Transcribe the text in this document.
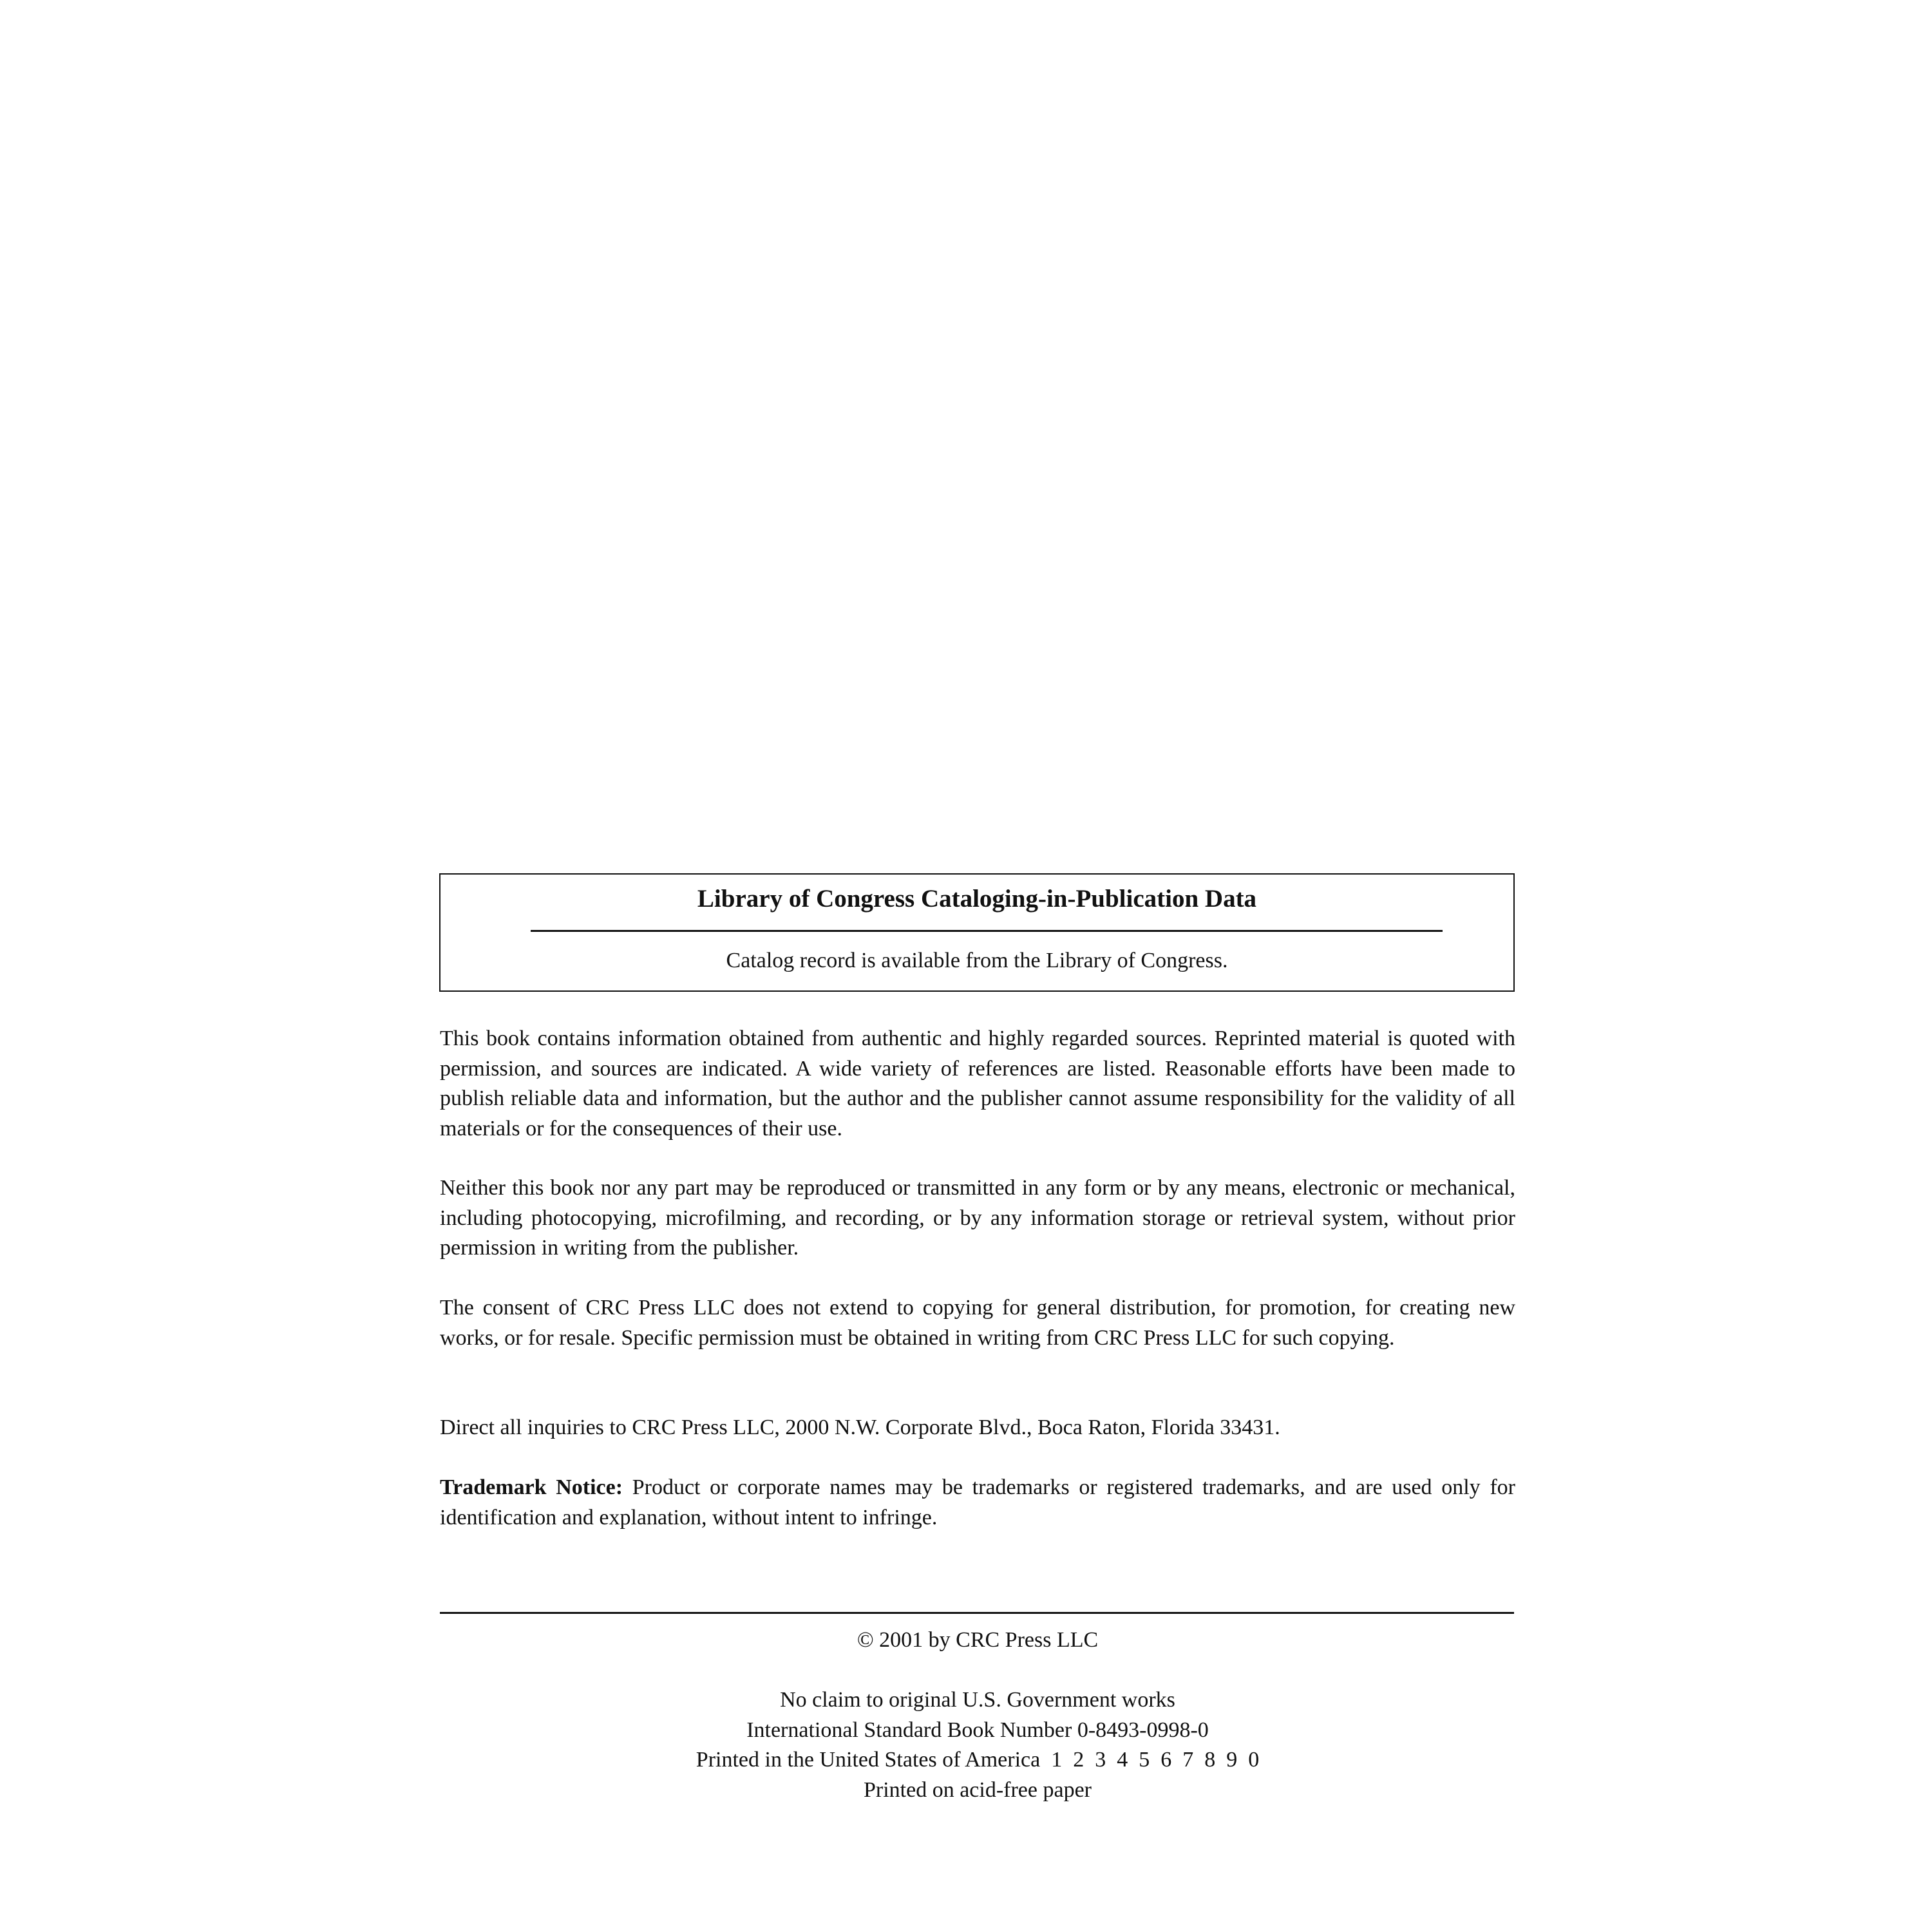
Library of Congress Cataloging-in-Publication Data
Catalog record is available from the Library of Congress.

This book contains information obtained from authentic and highly regarded sources. Reprinted material is quoted with permission, and sources are indicated. A wide variety of references are listed. Reasonable efforts have been made to publish reliable data and information, but the author and the publisher cannot assume responsibility for the validity of all materials or for the consequences of their use.

Neither this book nor any part may be reproduced or transmitted in any form or by any means, electronic or mechanical, including photocopying, microfilming, and recording, or by any information storage or retrieval system, without prior permission in writing from the publisher.

The consent of CRC Press LLC does not extend to copying for general distribution, for promotion, for creating new works, or for resale. Specific permission must be obtained in writing from CRC Press LLC for such copying.

Direct all inquiries to CRC Press LLC, 2000 N.W. Corporate Blvd., Boca Raton, Florida 33431.

Trademark Notice: Product or corporate names may be trademarks or registered trademarks, and are used only for identification and explanation, without intent to infringe.

© 2001 by CRC Press LLC

No claim to original U.S. Government works
International Standard Book Number 0-8493-0998-0
Printed in the United States of America  1  2  3  4  5  6  7  8  9  0
Printed on acid-free paper
